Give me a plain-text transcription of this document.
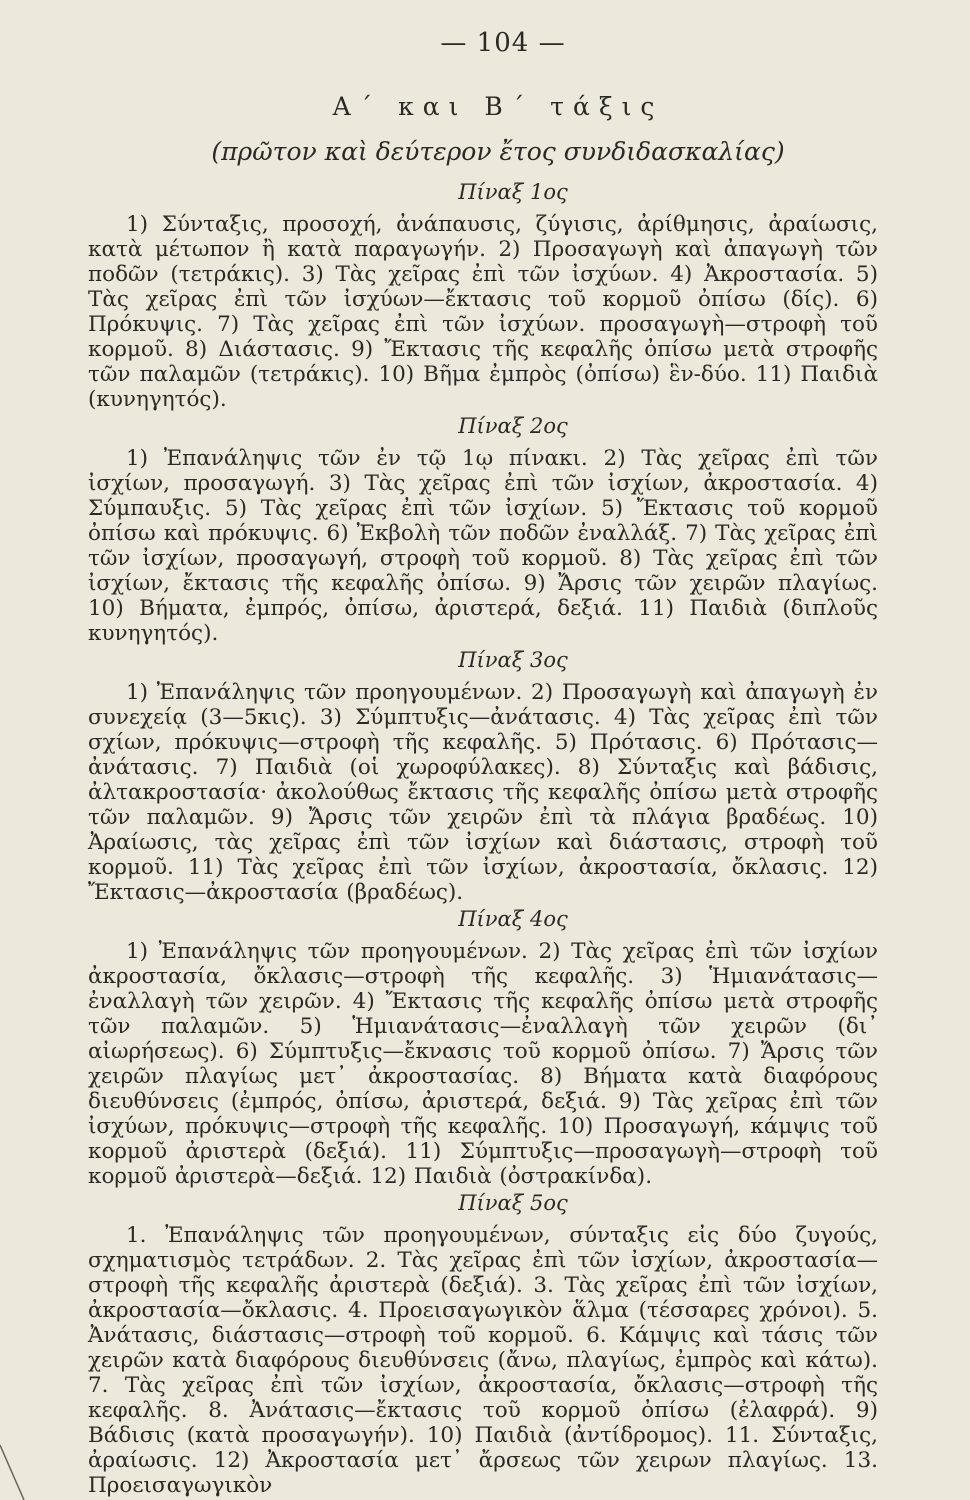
— 104 —
Α΄ και Β΄ τάξις
(πρῶτον καὶ δεύτερον ἔτος συνδιδασκαλίας)
Πίναξ 1ος

1) Σύνταξις, προσοχή, ἀνάπαυσις, ζύγισις, ἀρίθμησις, ἀραίωσις, κατὰ μέτωπον ἢ κατὰ παραγωγήν. 2) Προσαγωγὴ καὶ ἀπαγωγὴ τῶν ποδῶν (τετράκις). 3) Τὰς χεῖρας ἐπὶ τῶν ἰσχύων. 4) Ἀκροστασία. 5) Τὰς χεῖρας ἐπὶ τῶν ἰσχύων—ἔκτασις τοῦ κορμοῦ ὀπίσω (δίς). 6) Πρόκυψις. 7) Τὰς χεῖρας ἐπὶ τῶν ἰσχύων. προσαγωγὴ—στροφὴ τοῦ κορμοῦ. 8) Διάστασις. 9) Ἔκτασις τῆς κεφαλῆς ὀπίσω μετὰ στροφῆς τῶν παλαμῶν (τετράκις). 10) Βῆμα ἐμπρὸς (ὀπίσω) ἓν-δύο. 11) Παιδιὰ (κυνηγητός).

Πίναξ 2ος

1) Ἐπανάληψις τῶν ἐν τῷ 1ῳ πίνακι. 2) Τὰς χεῖρας ἐπὶ τῶν ἰσχίων, προσαγωγή. 3) Τὰς χεῖρας ἐπὶ τῶν ἰσχίων, ἀκροστασία. 4) Σύμπαυξις. 5) Τὰς χεῖρας ἐπὶ τῶν ἰσχίων. 5) Ἔκτασις τοῦ κορμοῦ ὀπίσω καὶ πρόκυψις. 6) Ἐκβολὴ τῶν ποδῶν ἐναλλάξ. 7) Τὰς χεῖρας ἐπὶ τῶν ἰσχίων, προσαγωγή, στροφὴ τοῦ κορμοῦ. 8) Τὰς χεῖρας ἐπὶ τῶν ἰσχίων, ἔκτασις τῆς κεφαλῆς ὀπίσω. 9) Ἄρσις τῶν χειρῶν πλαγίως. 10) Βήματα, ἐμπρός, ὀπίσω, ἀριστερά, δεξιά. 11) Παιδιὰ (διπλοῦς κυνηγητός).

Πίναξ 3ος

1) Ἐπανάληψις τῶν προηγουμένων. 2) Προσαγωγὴ καὶ ἀπαγωγὴ ἐν συνεχείᾳ (3—5κις). 3) Σύμπτυξις—ἀνάτασις. 4) Τὰς χεῖρας ἐπὶ τῶν σχίων, πρόκυψις—στροφὴ τῆς κεφαλῆς. 5) Πρότασις. 6) Πρότασις—ἀνάτασις. 7) Παιδιὰ (οἱ χωροφύλακες). 8) Σύνταξις καὶ βάδισις, ἀλτακροστασία· ἀκολούθως ἔκτασις τῆς κεφαλῆς ὀπίσω μετὰ στροφῆς τῶν παλαμῶν. 9) Ἄρσις τῶν χειρῶν ἐπὶ τὰ πλάγια βραδέως. 10) Ἀραίωσις, τὰς χεῖρας ἐπὶ τῶν ἰσχίων καὶ διάστασις, στροφὴ τοῦ κορμοῦ. 11) Τὰς χεῖρας ἐπὶ τῶν ἰσχίων, ἀκροστασία, ὄκλασις. 12) Ἔκτασις—ἀκροστασία (βραδέως).

Πίναξ 4ος

1) Ἐπανάληψις τῶν προηγουμένων. 2) Τὰς χεῖρας ἐπὶ τῶν ἰσχίων ἀκροστασία, ὄκλασις—στροφὴ τῆς κεφαλῆς. 3) Ἡμιανάτασις—ἐναλλαγὴ τῶν χειρῶν. 4) Ἔκτασις τῆς κεφαλῆς ὀπίσω μετὰ στροφῆς τῶν παλαμῶν. 5) Ἡμιανάτασις—ἐναλλαγὴ τῶν χειρῶν (δι᾽ αἰωρήσεως). 6) Σύμπτυξις—ἔκνασις τοῦ κορμοῦ ὀπίσω. 7) Ἄρσις τῶν χειρῶν πλαγίως μετ᾽ ἀκροστασίας. 8) Βήματα κατὰ διαφόρους διευθύνσεις (ἐμπρός, ὀπίσω, ἀριστερά, δεξιά. 9) Τὰς χεῖρας ἐπὶ τῶν ἰσχύων, πρόκυψις—στροφὴ τῆς κεφαλῆς. 10) Προσαγωγή, κάμψις τοῦ κορμοῦ ἀριστερὰ (δεξιά). 11) Σύμπτυξις—προσαγωγὴ—στροφὴ τοῦ κορμοῦ ἀριστερὰ—δεξιά. 12) Παιδιὰ (ὀστρακίνδα).

Πίναξ 5ος

1. Ἐπανάληψις τῶν προηγουμένων, σύνταξις εἰς δύο ζυγούς, σχηματισμὸς τετράδων. 2. Τὰς χεῖρας ἐπὶ τῶν ἰσχίων, ἀκροστασία—στροφὴ τῆς κεφαλῆς ἀριστερὰ (δεξιά). 3. Τὰς χεῖρας ἐπὶ τῶν ἰσχίων, ἀκροστασία—ὄκλασις. 4. Προεισαγωγικὸν ἅλμα (τέσσαρες χρόνοι). 5. Ἀνάτασις, διάστασις—στροφὴ τοῦ κορμοῦ. 6. Κάμψις καὶ τάσις τῶν χειρῶν κατὰ διαφόρους διευθύνσεις (ἄνω, πλαγίως, ἐμπρὸς καὶ κάτω). 7. Τὰς χεῖρας ἐπὶ τῶν ἰσχίων, ἀκροστασία, ὄκλασις—στροφὴ τῆς κεφαλῆς. 8. Ἀνάτασις—ἔκτασις τοῦ κορμοῦ ὀπίσω (ἐλαφρά). 9) Βάδισις (κατὰ προσαγωγήν). 10) Παιδιὰ (ἀντίδρομος). 11. Σύνταξις, ἀραίωσις. 12) Ἀκροστασία μετ᾽ ἄρσεως τῶν χειρων πλαγίως. 13. Προεισαγωγικὸν
